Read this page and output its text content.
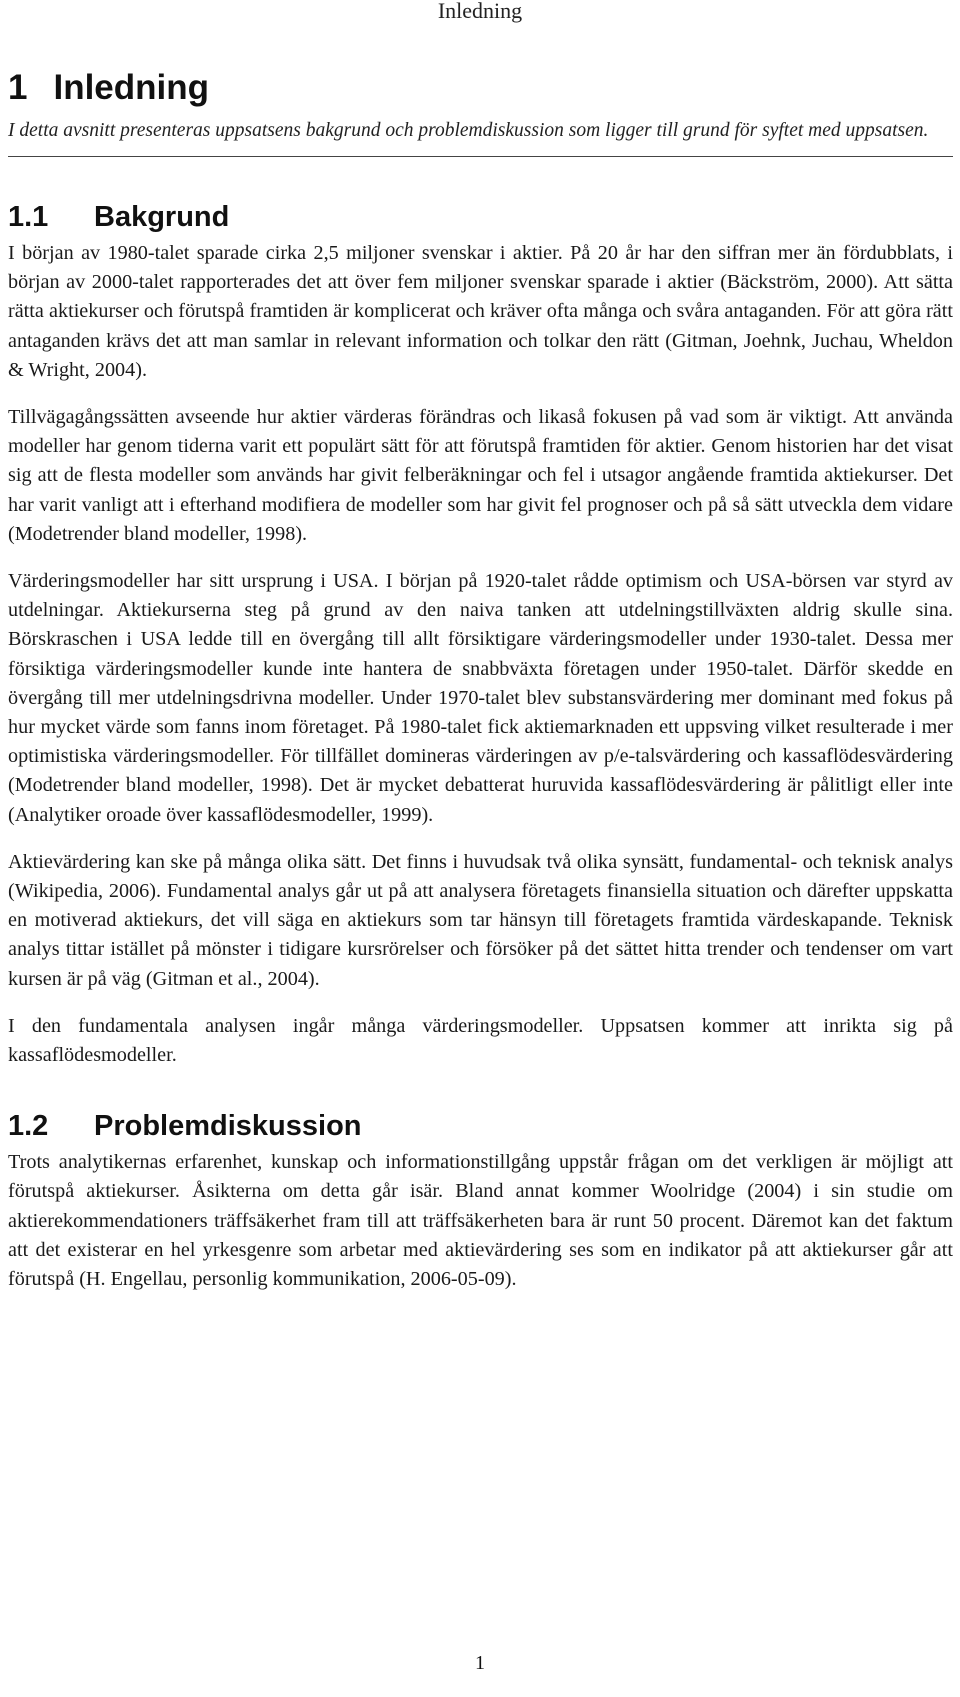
Inledning
1 Inledning

I detta avsnitt presenteras uppsatsens bakgrund och problemdiskussion som ligger till grund för syftet med uppsatsen.

1.1	Bakgrund

I början av 1980-talet sparade cirka 2,5 miljoner svenskar i aktier. På 20 år har den siffran mer än fördubblats, i början av 2000-talet rapporterades det att över fem miljoner svenskar sparade i aktier (Bäckström, 2000). Att sätta rätta aktiekurser och förutspå framtiden är komplicerat och kräver ofta många och svåra antaganden. För att göra rätt antaganden krävs det att man samlar in relevant information och tolkar den rätt (Gitman, Joehnk, Juchau, Wheldon & Wright, 2004).

Tillvägagångssätten avseende hur aktier värderas förändras och likaså fokusen på vad som är viktigt. Att använda modeller har genom tiderna varit ett populärt sätt för att förutspå framtiden för aktier. Genom historien har det visat sig att de flesta modeller som används har givit felberäkningar och fel i utsagor angående framtida aktiekurser. Det har varit vanligt att i efterhand modifiera de modeller som har givit fel prognoser och på så sätt utveckla dem vidare (Modetrender bland modeller, 1998).

Värderingsmodeller har sitt ursprung i USA. I början på 1920-talet rådde optimism och USA-börsen var styrd av utdelningar. Aktiekurserna steg på grund av den naiva tanken att utdelningstillväxten aldrig skulle sina. Börskraschen i USA ledde till en övergång till allt försiktigare värderingsmodeller under 1930-talet. Dessa mer försiktiga värderingsmodeller kunde inte hantera de snabbväxta företagen under 1950-talet. Därför skedde en övergång till mer utdelningsdrivna modeller. Under 1970-talet blev substansvärdering mer dominant med fokus på hur mycket värde som fanns inom företaget. På 1980-talet fick aktiemarknaden ett uppsving vilket resulterade i mer optimistiska värderingsmodeller. För tillfället domineras värderingen av p/e-talsvärdering och kassaflödesvärdering (Modetrender bland modeller, 1998). Det är mycket debatterat huruvida kassaflödesvärdering är pålitligt eller inte (Analytiker oroade över kassaflödesmodeller, 1999).

Aktievärdering kan ske på många olika sätt. Det finns i huvudsak två olika synsätt, fundamental- och teknisk analys (Wikipedia, 2006). Fundamental analys går ut på att analysera företagets finansiella situation och därefter uppskatta en motiverad aktiekurs, det vill säga en aktiekurs som tar hänsyn till företagets framtida värdeskapande. Teknisk analys tittar istället på mönster i tidigare kursrörelser och försöker på det sättet hitta trender och tendenser om vart kursen är på väg (Gitman et al., 2004).

I den fundamentala analysen ingår många värderingsmodeller. Uppsatsen kommer att inrikta sig på kassaflödesmodeller.

1.2	Problemdiskussion

Trots analytikernas erfarenhet, kunskap och informationstillgång uppstår frågan om det verkligen är möjligt att förutspå aktiekurser. Åsikterna om detta går isär. Bland annat kommer Woolridge (2004) i sin studie om aktierekommendationers träffsäkerhet fram till att träffsäkerheten bara är runt 50 procent. Däremot kan det faktum att det existerar en hel yrkesgenre som arbetar med aktievärdering ses som en indikator på att aktiekurser går att förutspå (H. Engellau, personlig kommunikation, 2006-05-09).

1
